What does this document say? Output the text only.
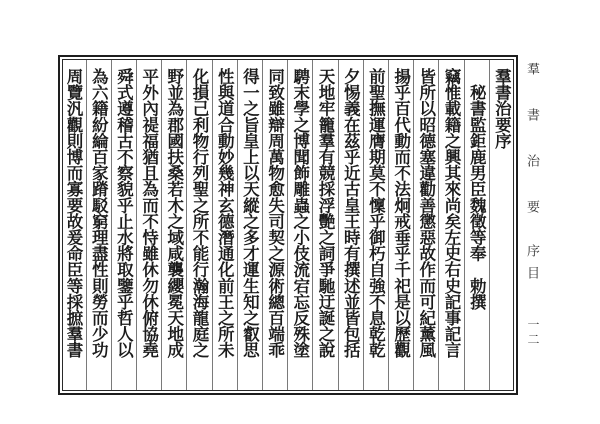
羣書治要序
　秘書監鉅鹿男臣魏徵等奉　勅撰
竊惟載籍之興其來尚矣左史右史記事記言
皆所以昭德塞違勸善懲惡故作而可紀薰風
揚乎百代動而不法炯戒垂乎千祀是以歷觀
前聖撫運膺期莫不懍乎御朽自強不息乾乾
夕惕義在茲乎近古皇王時有撰述並皆包括
天地牢籠羣有競採浮艷之詞爭馳迂誕之說
騁末學之博聞飾雕蟲之小伎流宕忘反殊塗
同致雖辯周萬物愈失司契之源術總百端乖
得一之旨皇上以天縱之多才運生知之叡思
性與道合動妙幾神玄德潛通化前王之所未
化損己利物行列聖之所不能行瀚海龍庭之
野並為郡國扶桑若木之域咸襲纓冕天地成
平外內禔福猶且為而不恃雖休勿休俯協堯
舜式遵稽古不察貌乎止水將取鑒乎哲人以
為六籍紛綸百家蹐駁窮理盡性則勞而少功
周覽汎觀則博而寡要故爰命臣等採摭羣書	羣 書 治 要　序目
一二
